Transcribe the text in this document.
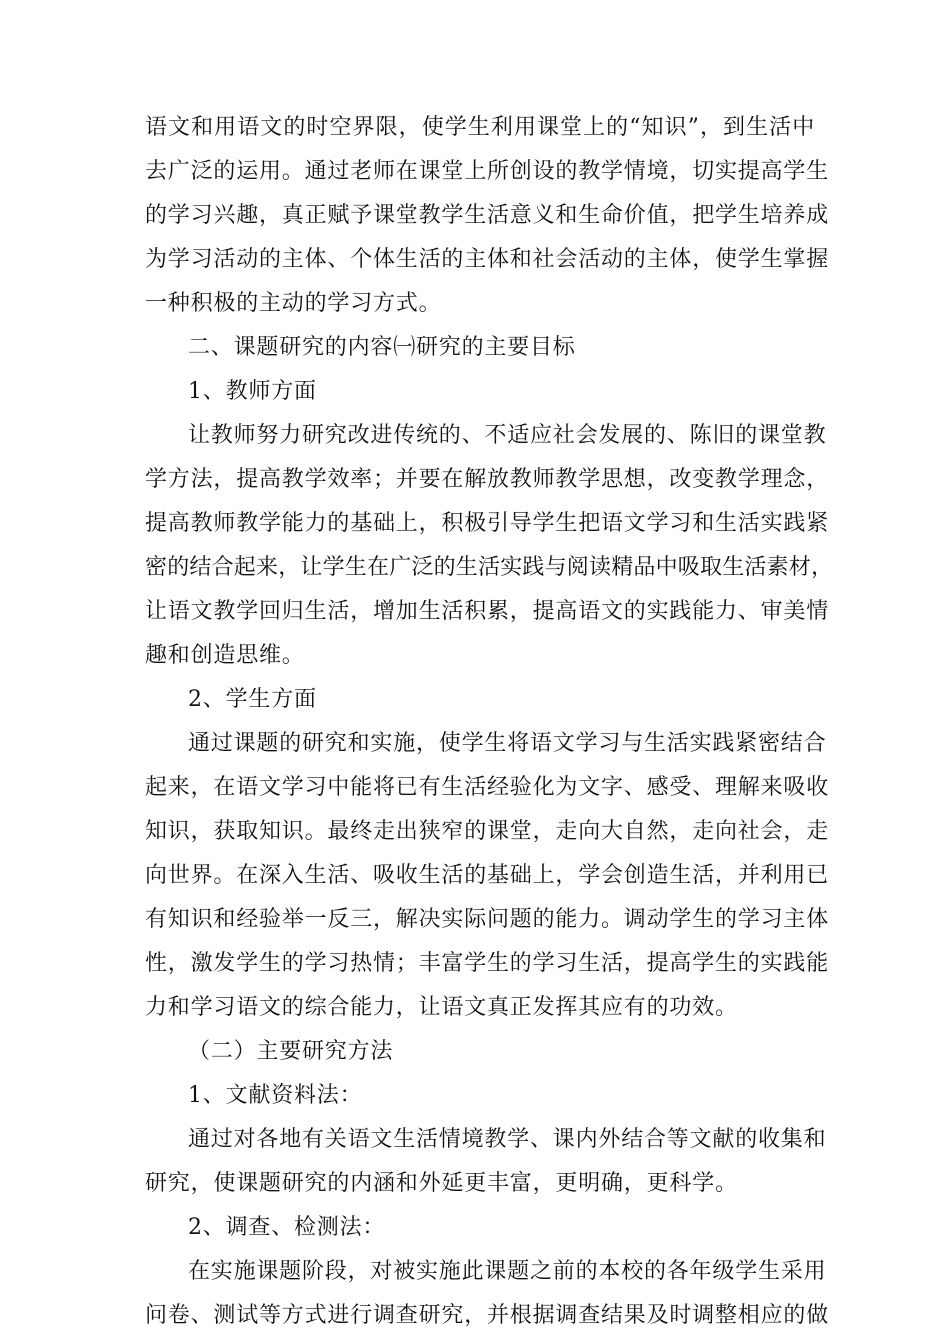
语文和用语文的时空界限，使学生利用课堂上的“知识”，到生活中
去广泛的运用。通过老师在课堂上所创设的教学情境，切实提高学生
的学习兴趣，真正赋予课堂教学生活意义和生命价值，把学生培养成
为学习活动的主体、个体生活的主体和社会活动的主体，使学生掌握
一种积极的主动的学习方式。
二、课题研究的内容㈠研究的主要目标
1、教师方面
让教师努力研究改进传统的、不适应社会发展的、陈旧的课堂教
学方法，提高教学效率；并要在解放教师教学思想，改变教学理念，
提高教师教学能力的基础上，积极引导学生把语文学习和生活实践紧
密的结合起来，让学生在广泛的生活实践与阅读精品中吸取生活素材，
让语文教学回归生活，增加生活积累，提高语文的实践能力、审美情
趣和创造思维。
2、学生方面
通过课题的研究和实施，使学生将语文学习与生活实践紧密结合
起来，在语文学习中能将已有生活经验化为文字、感受、理解来吸收
知识，获取知识。最终走出狭窄的课堂，走向大自然，走向社会，走
向世界。在深入生活、吸收生活的基础上，学会创造生活，并利用已
有知识和经验举一反三，解决实际问题的能力。调动学生的学习主体
性，激发学生的学习热情；丰富学生的学习生活，提高学生的实践能
力和学习语文的综合能力，让语文真正发挥其应有的功效。
（二）主要研究方法
1、文献资料法：
通过对各地有关语文生活情境教学、课内外结合等文献的收集和
研究，使课题研究的内涵和外延更丰富，更明确，更科学。
2、调查、检测法：
在实施课题阶段，对被实施此课题之前的本校的各年级学生采用
问卷、测试等方式进行调查研究，并根据调查结果及时调整相应的做
